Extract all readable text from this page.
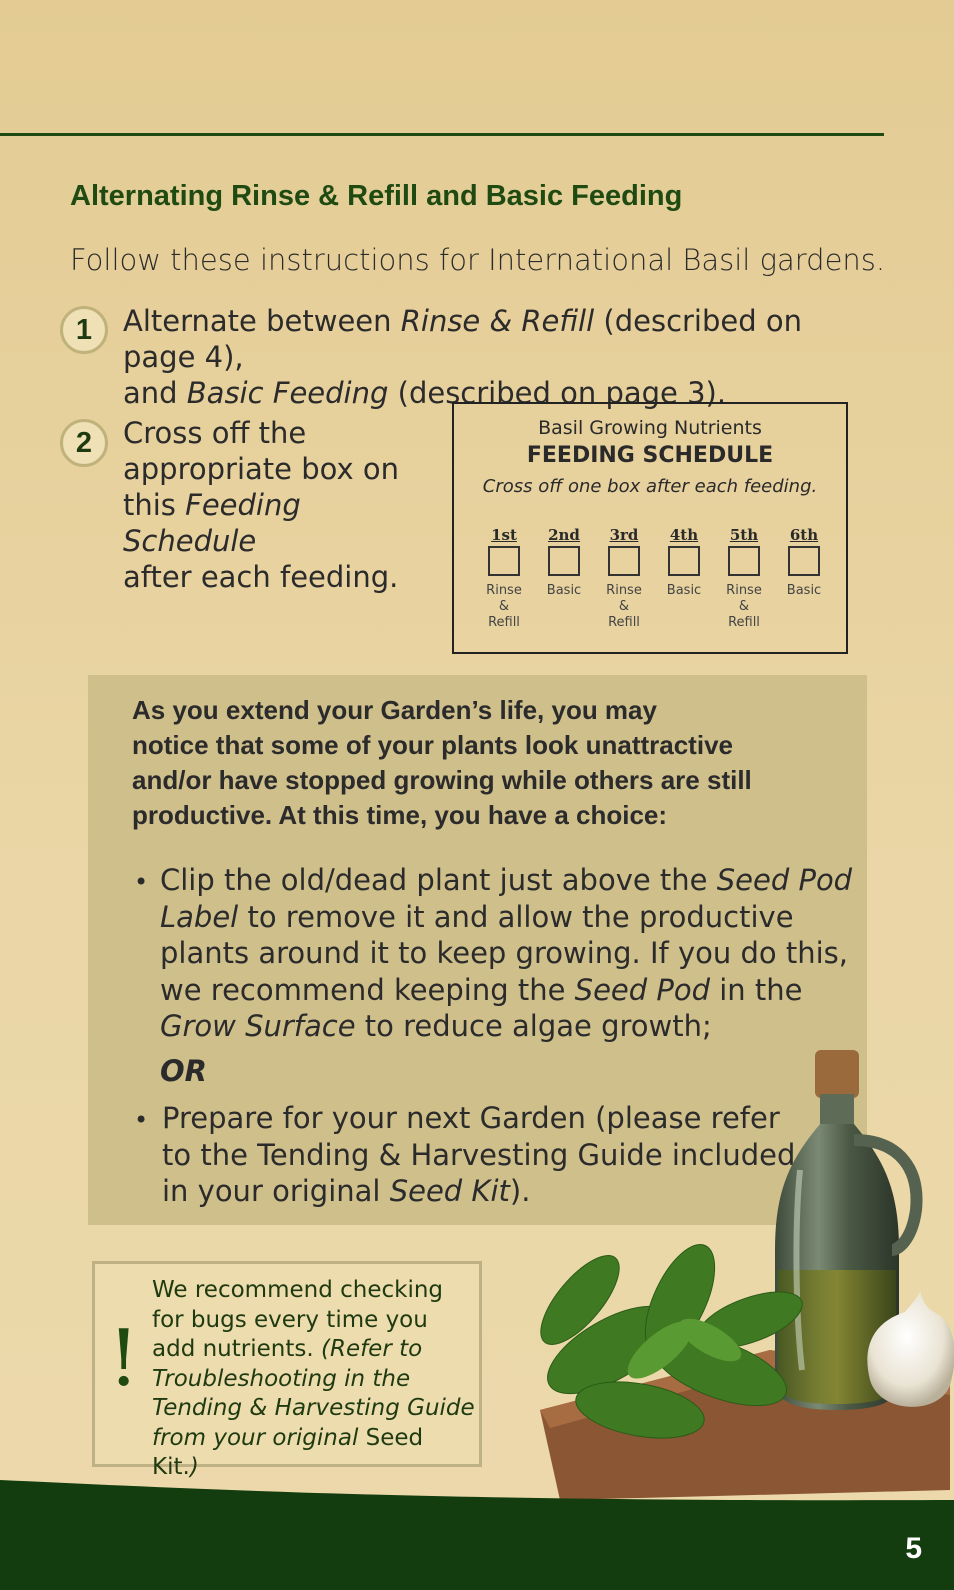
Alternating Rinse & Refill and Basic Feeding
Follow these instructions for International Basil gardens.
1	Alternate between Rinse & Refill (described on page 4),
and Basic Feeding (described on page 3).
2	Cross off the
appropriate box on
this Feeding Schedule
after each feeding.
Basil Growing Nutrients
FEEDING SCHEDULE
Cross off one box after each feeding.
1st
Rinse & Refill
2nd
Basic
3rd
Rinse & Refill
4th
Basic
5th
Rinse & Refill
6th
Basic
As you extend your Garden’s life, you may
notice that some of your plants look unattractive
and/or have stopped growing while others are still
productive. At this time, you have a choice:
• Clip the old/dead plant just above the Seed Pod
Label to remove it and allow the productive
plants around it to keep growing. If you do this,
we recommend keeping the Seed Pod in the
Grow Surface to reduce algae growth;
OR
• Prepare for your next Garden (please refer
to the Tending & Harvesting Guide included
in your original Seed Kit).
!
We recommend checking
for bugs every time you
add nutrients. (Refer to
Troubleshooting in the
Tending & Harvesting Guide
from your original Seed Kit.)
5
